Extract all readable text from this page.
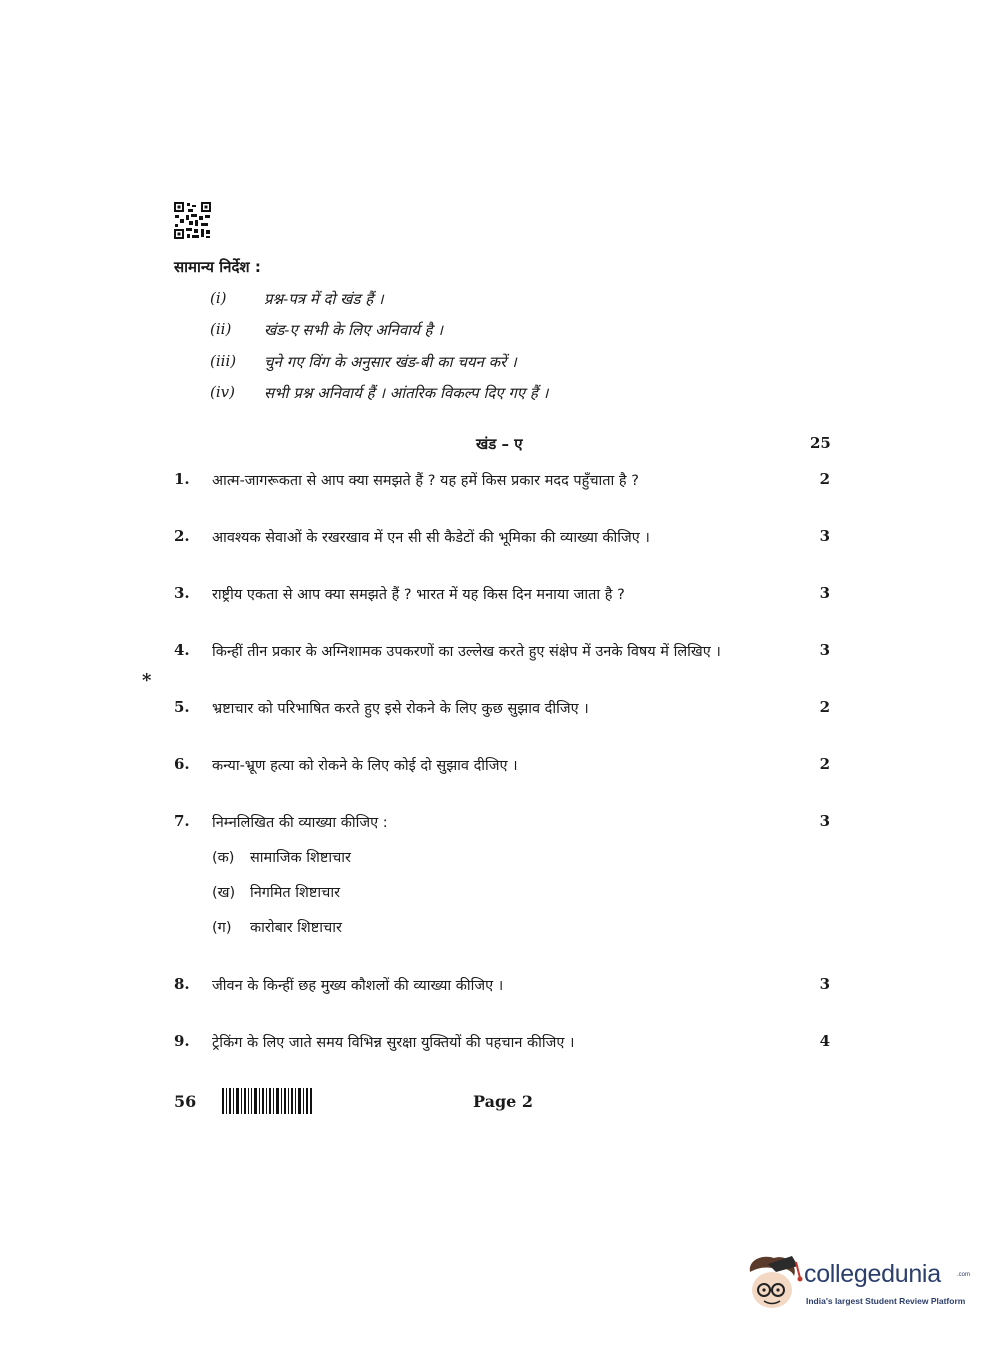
सामान्य निर्देश :
(i)	प्रश्न-पत्र में दो खंड हैं ।
(ii)	खंड-ए सभी के लिए अनिवार्य है ।
(iii)	चुने गए विंग के अनुसार खंड-बी का चयन करें ।
(iv)	सभी प्रश्न अनिवार्य हैं । आंतरिक विकल्प दिए गए हैं ।
खंड – ए	25
1. आत्म-जागरूकता से आप क्या समझते हैं ? यह हमें किस प्रकार मदद पहुँचाता है ?	2
2. आवश्यक सेवाओं के रखरखाव में एन सी सी कैडेटों की भूमिका की व्याख्या कीजिए ।	3
3. राष्ट्रीय एकता से आप क्या समझते हैं ? भारत में यह किस दिन मनाया जाता है ?	3
4. किन्हीं तीन प्रकार के अग्निशामक उपकरणों का उल्लेख करते हुए संक्षेप में उनके विषय में लिखिए ।	3
*
5. भ्रष्टाचार को परिभाषित करते हुए इसे रोकने के लिए कुछ सुझाव दीजिए ।	2
6. कन्या-भ्रूण हत्या को रोकने के लिए कोई दो सुझाव दीजिए ।	2
7. निम्नलिखित की व्याख्या कीजिए :	3
(क) सामाजिक शिष्टाचार
(ख) निगमित शिष्टाचार
(ग) कारोबार शिष्टाचार
8. जीवन के किन्हीं छह मुख्य कौशलों की व्याख्या कीजिए ।	3
9. ट्रेकिंग के लिए जाते समय विभिन्न सुरक्षा युक्तियों की पहचान कीजिए ।	4
56	Page 2
collegedunia	.com
India's largest Student Review Platform
